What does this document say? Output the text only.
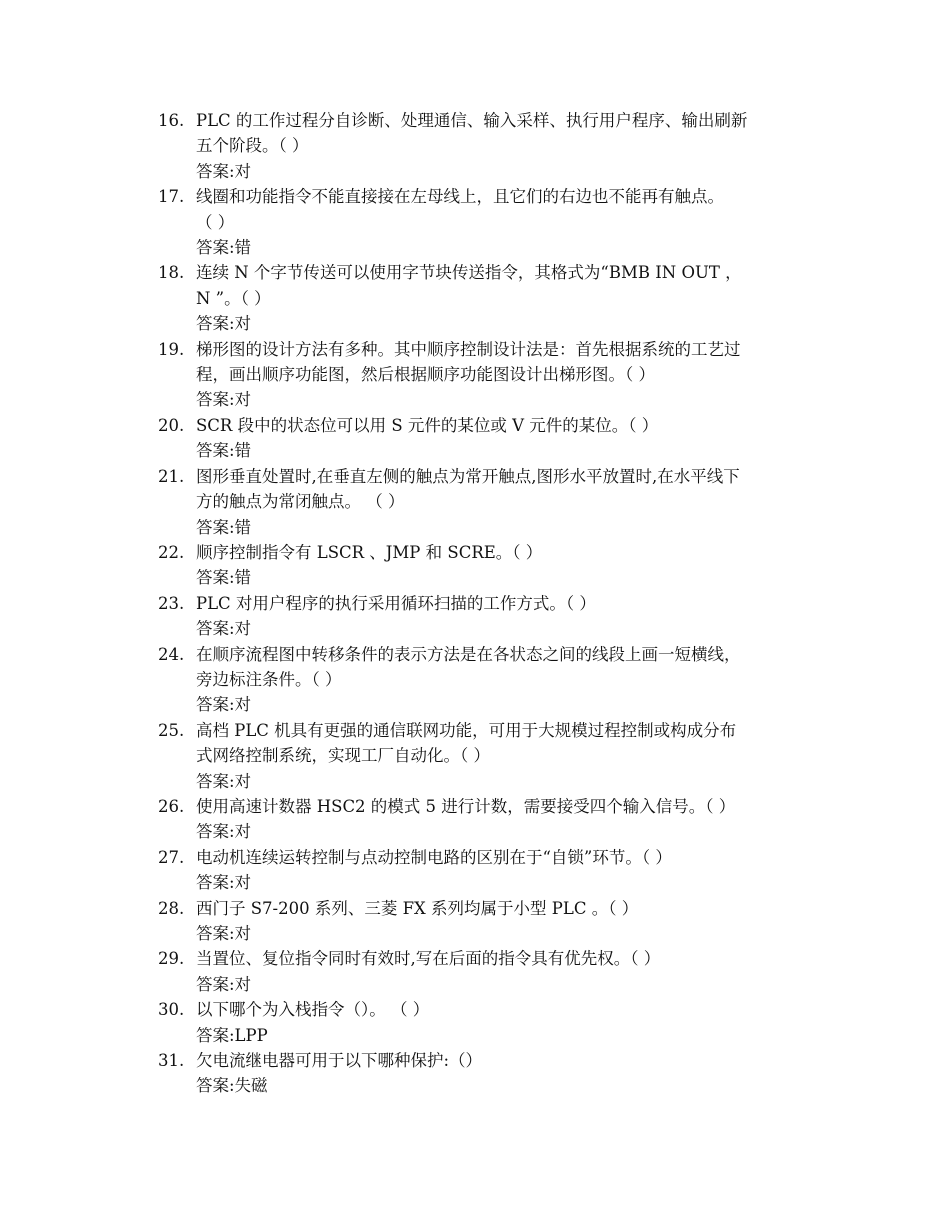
16. PLC 的工作过程分自诊断、处理通信、输入采样、执行用户程序、输出刷新
五个阶段。（ ）
答案:对
17. 线圈和功能指令不能直接接在左母线上，且它们的右边也不能再有触点。
（ ）
答案:错
18. 连续 N 个字节传送可以使用字节块传送指令，其格式为“BMB IN OUT ，
N ”。（ ）
答案:对
19. 梯形图的设计方法有多种。其中顺序控制设计法是：首先根据系统的工艺过
程，画出顺序功能图，然后根据顺序功能图设计出梯形图。（ ）
答案:对
20. SCR 段中的状态位可以用 S 元件的某位或 V 元件的某位。（ ）
答案:错
21. 图形垂直处置时,在垂直左侧的触点为常开触点,图形水平放置时,在水平线下
方的触点为常闭触点。 （ ）
答案:错
22. 顺序控制指令有 LSCR 、JMP 和 SCRE。（ ）
答案:错
23. PLC 对用户程序的执行采用循环扫描的工作方式。（ ）
答案:对
24. 在顺序流程图中转移条件的表示方法是在各状态之间的线段上画一短横线，
旁边标注条件。（ ）
答案:对
25. 高档 PLC 机具有更强的通信联网功能，可用于大规模过程控制或构成分布
式网络控制系统，实现工厂自动化。（ ）
答案:对
26. 使用高速计数器 HSC2 的模式 5 进行计数，需要接受四个输入信号。（ ）
答案:对
27. 电动机连续运转控制与点动控制电路的区别在于“自锁”环节。（ ）
答案:对
28. 西门子 S7-200 系列、三菱 FX 系列均属于小型 PLC 。（ ）
答案:对
29. 当置位、复位指令同时有效时,写在后面的指令具有优先权。（ ）
答案:对
30. 以下哪个为入栈指令（）。 （ ）
答案:LPP
31. 欠电流继电器可用于以下哪种保护:（）
答案:失磁
